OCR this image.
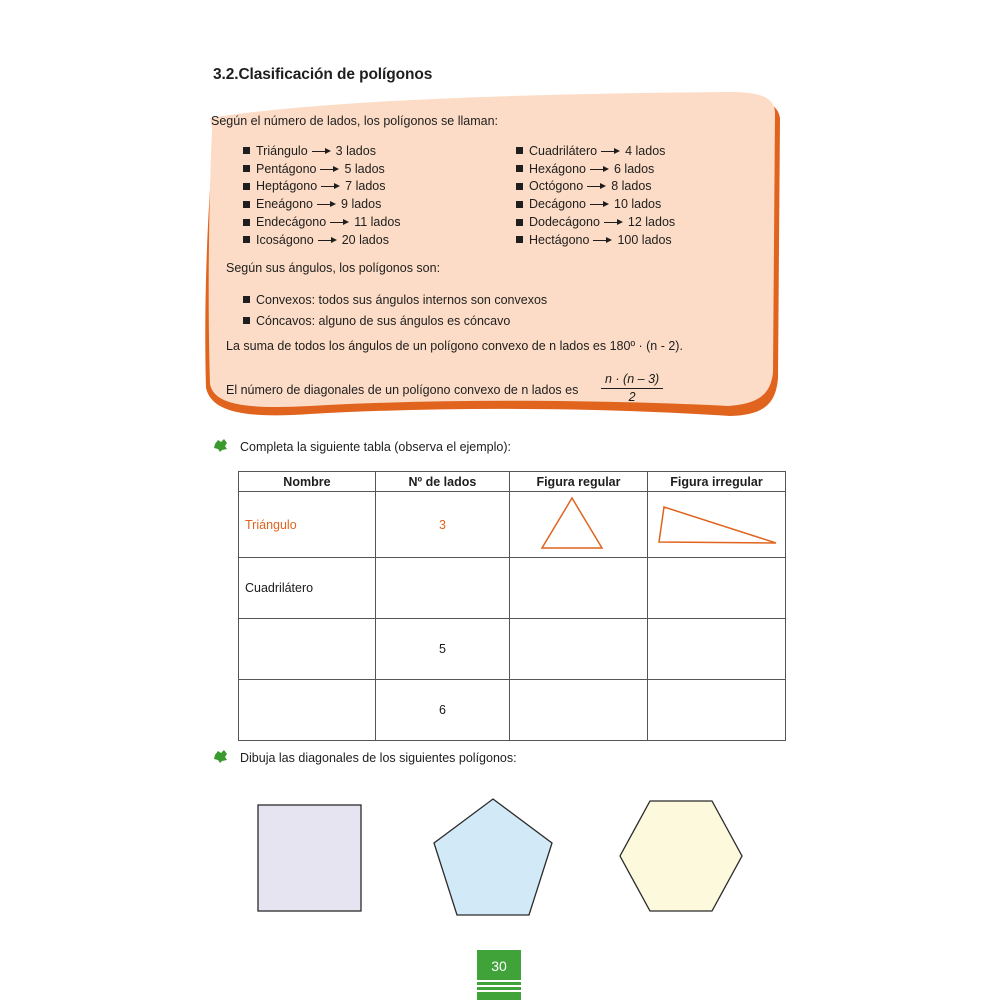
3.2.Clasificación de polígonos
Según el número de lados, los polígonos se llaman:
Triángulo 3 lados
Pentágono 5 lados
Heptágono 7 lados
Eneágono 9 lados
Endecágono 11 lados
Icoságono 20 lados
Cuadrilátero 4 lados
Hexágono 6 lados
Octógono 8 lados
Decágono 10 lados
Dodecágono 12 lados
Hectágono 100 lados
Según sus ángulos, los polígonos son:
Convexos: todos sus ángulos internos son convexos
Cóncavos: alguno de sus ángulos es cóncavo
La suma de todos los ángulos de un polígono convexo de n lados es 180º · (n - 2).
El número de diagonales de un polígono convexo de n lados es $\frac{n \cdot (n - 3)}{2}$
Completa la siguiente tabla (observa el ejemplo):
Nombre	Nº de lados	Figura regular	Figura irregular
Triángulo	3		
Cuadrilátero			
	5		
	6		
Dibuja las diagonales de los siguientes polígonos:
30
